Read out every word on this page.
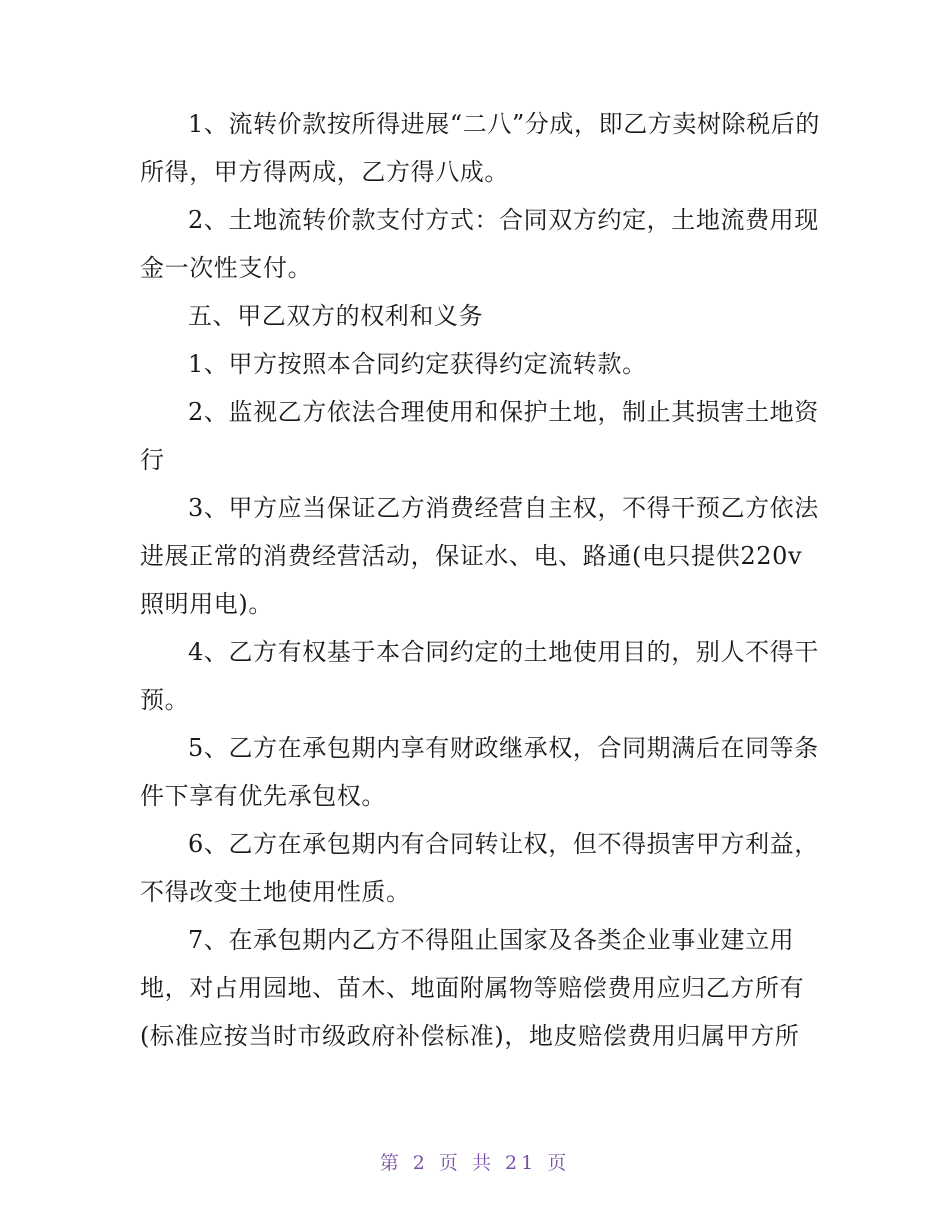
1、流转价款按所得进展“二八”分成，即乙方卖树除税后的所得，甲方得两成，乙方得八成。

2、土地流转价款支付方式：合同双方约定，土地流费用现金一次性支付。

五、甲乙双方的权利和义务

1、甲方按照本合同约定获得约定流转款。

2、监视乙方依法合理使用和保护土地，制止其损害土地资行

3、甲方应当保证乙方消费经营自主权，不得干预乙方依法进展正常的消费经营活动，保证水、电、路通(电只提供220v照明用电)。

4、乙方有权基于本合同约定的土地使用目的，别人不得干预。

5、乙方在承包期内享有财政继承权，合同期满后在同等条件下享有优先承包权。

6、乙方在承包期内有合同转让权，但不得损害甲方利益，不得改变土地使用性质。

7、在承包期内乙方不得阻止国家及各类企业事业建立用地，对占用园地、苗木、地面附属物等赔偿费用应归乙方所有(标准应按当时市级政府补偿标准)，地皮赔偿费用归属甲方所

第 2 页 共 21 页
